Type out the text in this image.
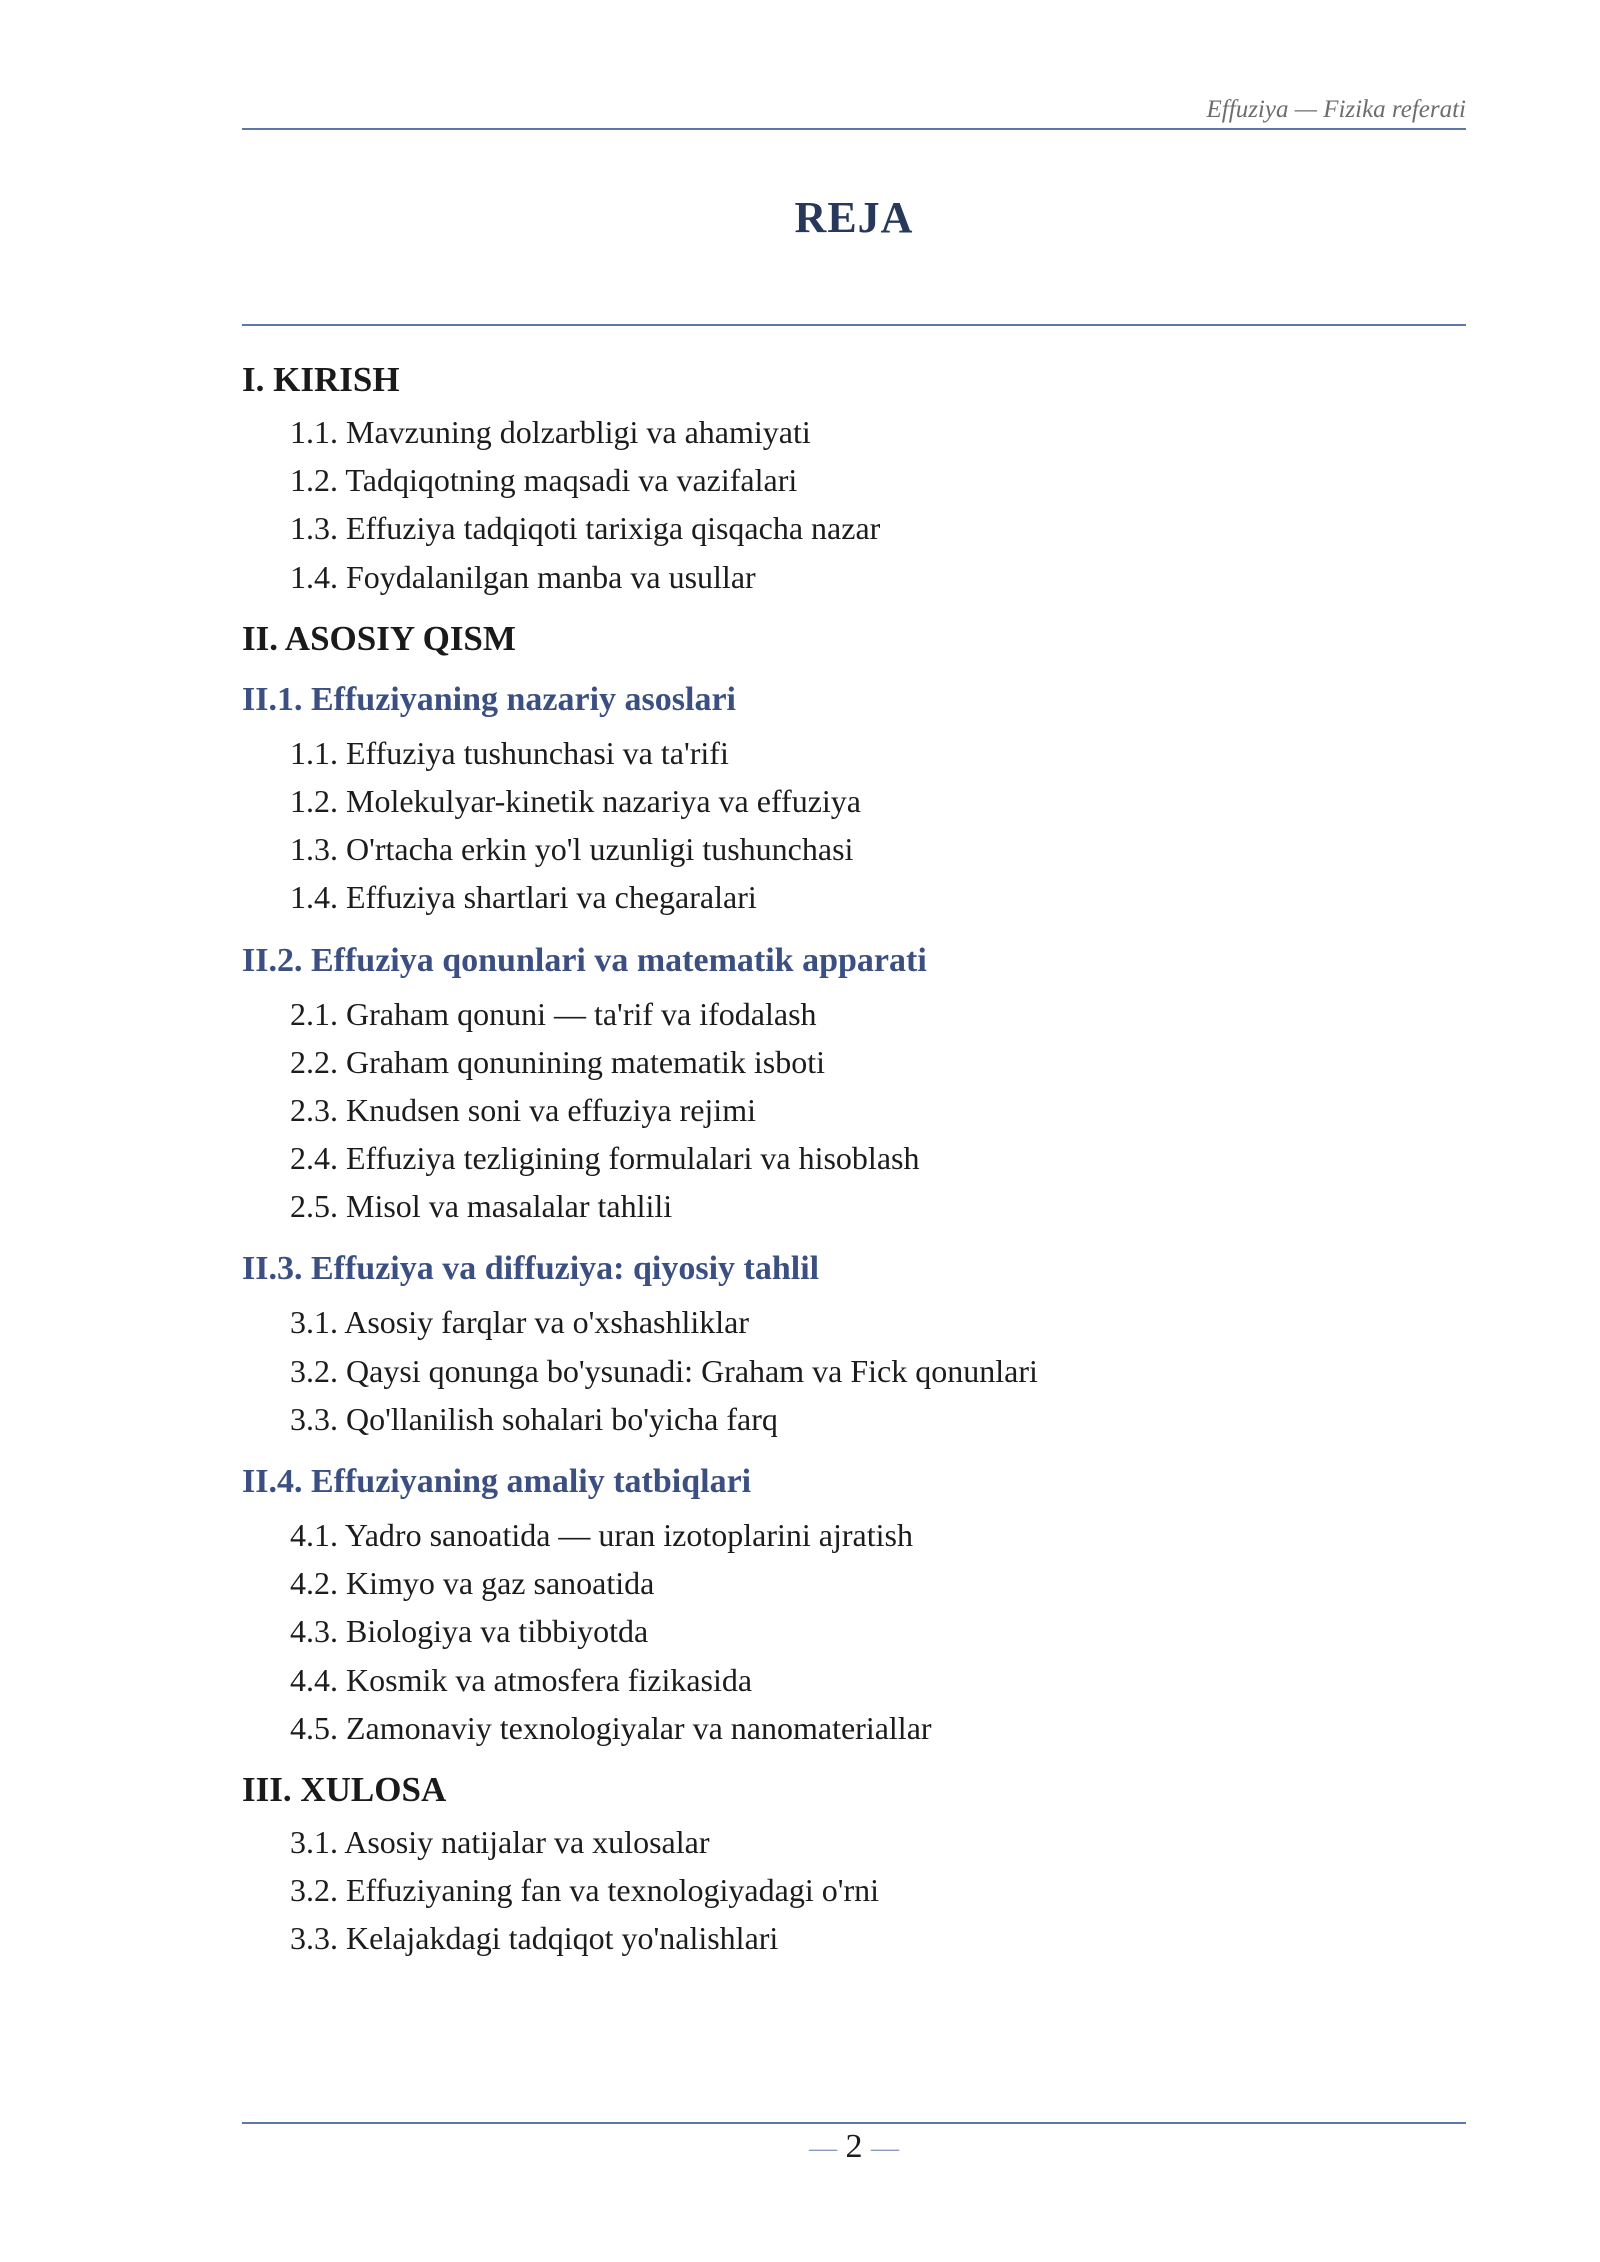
Effuziya — Fizika referati
REJA
I. KIRISH
1.1. Mavzuning dolzarbligi va ahamiyati
1.2. Tadqiqotning maqsadi va vazifalari
1.3. Effuziya tadqiqoti tarixiga qisqacha nazar
1.4. Foydalanilgan manba va usullar
II. ASOSIY QISM
II.1. Effuziyaning nazariy asoslari
1.1. Effuziya tushunchasi va ta'rifi
1.2. Molekulyar-kinetik nazariya va effuziya
1.3. O'rtacha erkin yo'l uzunligi tushunchasi
1.4. Effuziya shartlari va chegaralari
II.2. Effuziya qonunlari va matematik apparati
2.1. Graham qonuni — ta'rif va ifodalash
2.2. Graham qonunining matematik isboti
2.3. Knudsen soni va effuziya rejimi
2.4. Effuziya tezligining formulalari va hisoblash
2.5. Misol va masalalar tahlili
II.3. Effuziya va diffuziya: qiyosiy tahlil
3.1. Asosiy farqlar va o'xshashliklar
3.2. Qaysi qonunga bo'ysunadi: Graham va Fick qonunlari
3.3. Qo'llanilish sohalari bo'yicha farq
II.4. Effuziyaning amaliy tatbiqlari
4.1. Yadro sanoatida — uran izotoplarini ajratish
4.2. Kimyo va gaz sanoatida
4.3. Biologiya va tibbiyotda
4.4. Kosmik va atmosfera fizikasida
4.5. Zamonaviy texnologiyalar va nanomateriallar
III. XULOSA
3.1. Asosiy natijalar va xulosalar
3.2. Effuziyaning fan va texnologiyadagi o'rni
3.3. Kelajakdagi tadqiqot yo'nalishlari
— 2 —
